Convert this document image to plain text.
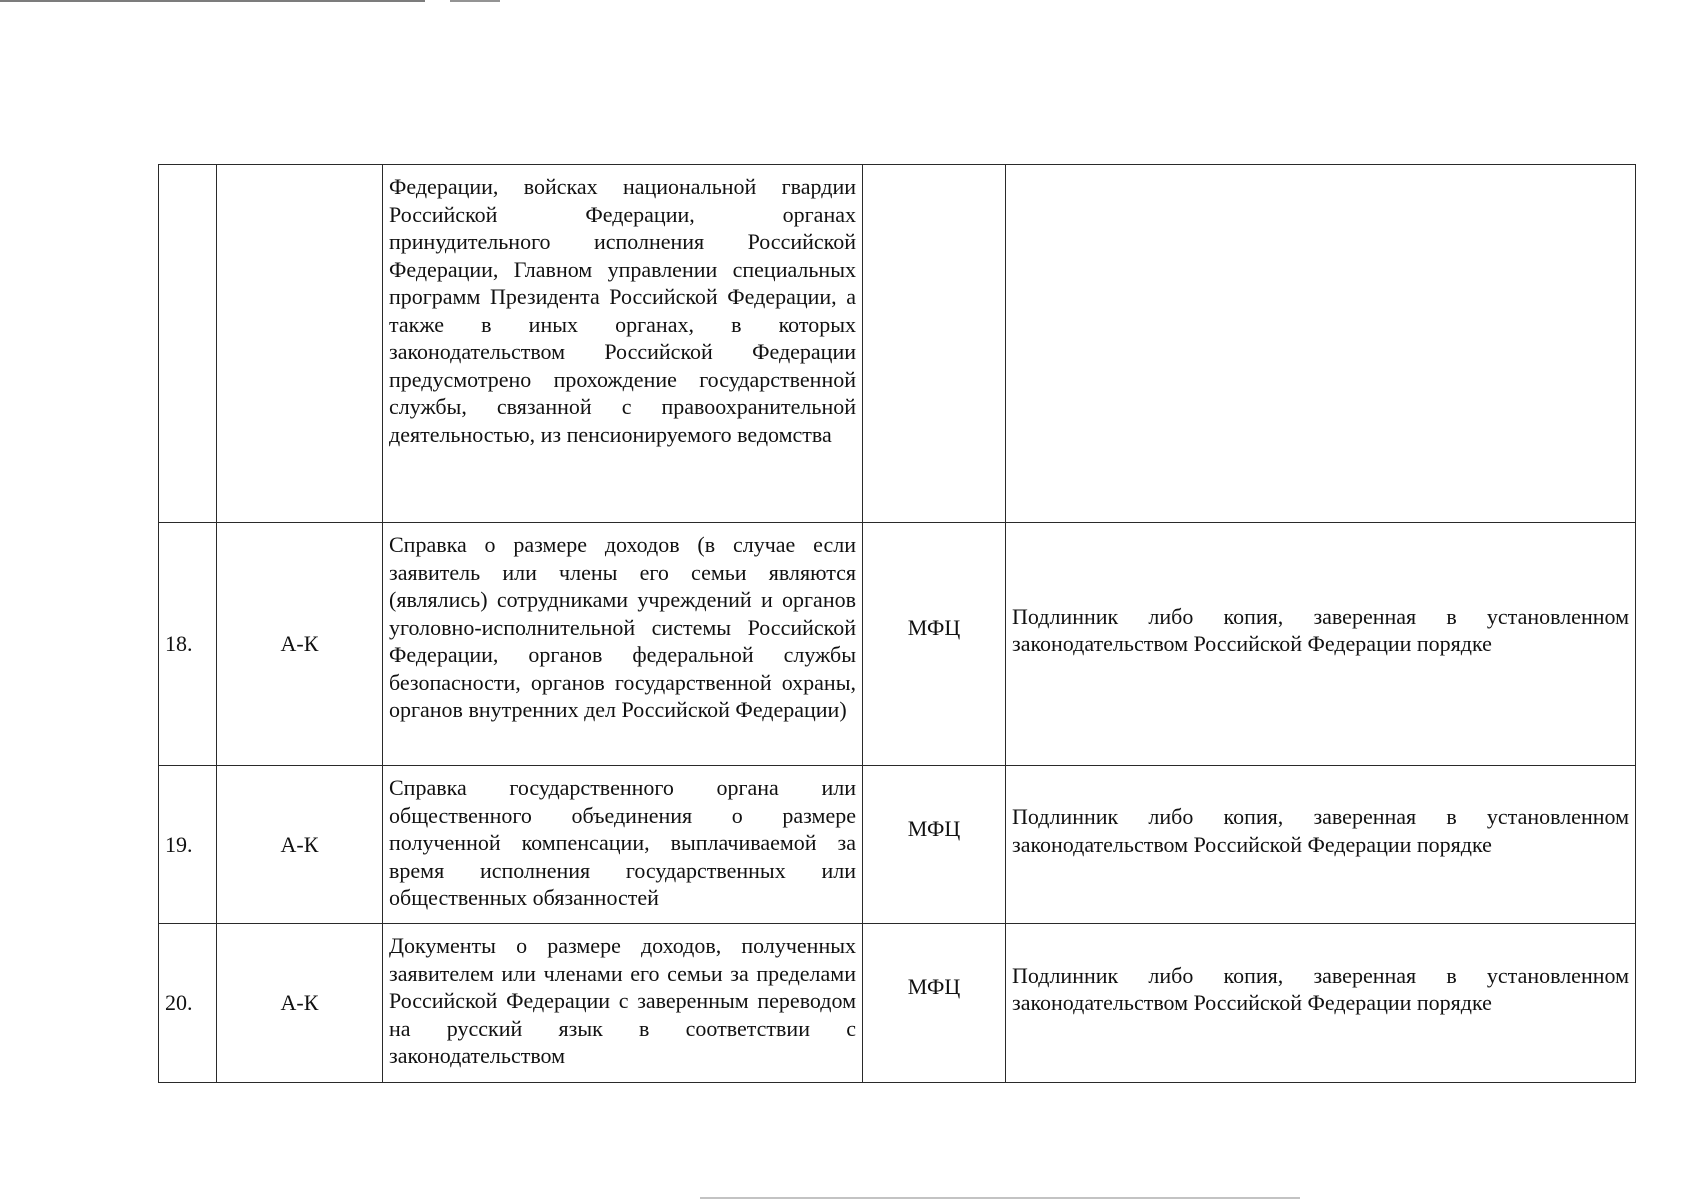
		Федерации, войсках национальной гвардии Российской Федерации, органах принудительного исполнения Российской Федерации, Главном управлении специальных программ Президента Российской Федерации, а также в иных органах, в которых законодательством Российской Федерации предусмотрено прохождение государственной службы, связанной с правоохранительной деятельностью, из пенсионируемого ведомства		

18.	А-К	Справка о размере доходов (в случае если заявитель или члены его семьи являются (являлись) сотрудниками учреждений и органов уголовно-исполнительной системы Российской Федерации, органов федеральной службы безопасности, органов государственной охраны, органов внутренних дел Российской Федерации)	МФЦ	Подлинник либо копия, заверенная в установленном законодательством Российской Федерации порядке

19.	А-К	Справка государственного органа или общественного объединения о размере полученной компенсации, выплачиваемой за время исполнения государственных или общественных обязанностей	МФЦ	Подлинник либо копия, заверенная в установленном законодательством Российской Федерации порядке

20.	А-К	Документы о размере доходов, полученных заявителем или членами его семьи за пределами Российской Федерации с заверенным переводом на русский язык в соответствии с законодательством	МФЦ	Подлинник либо копия, заверенная в установленном законодательством Российской Федерации порядке
